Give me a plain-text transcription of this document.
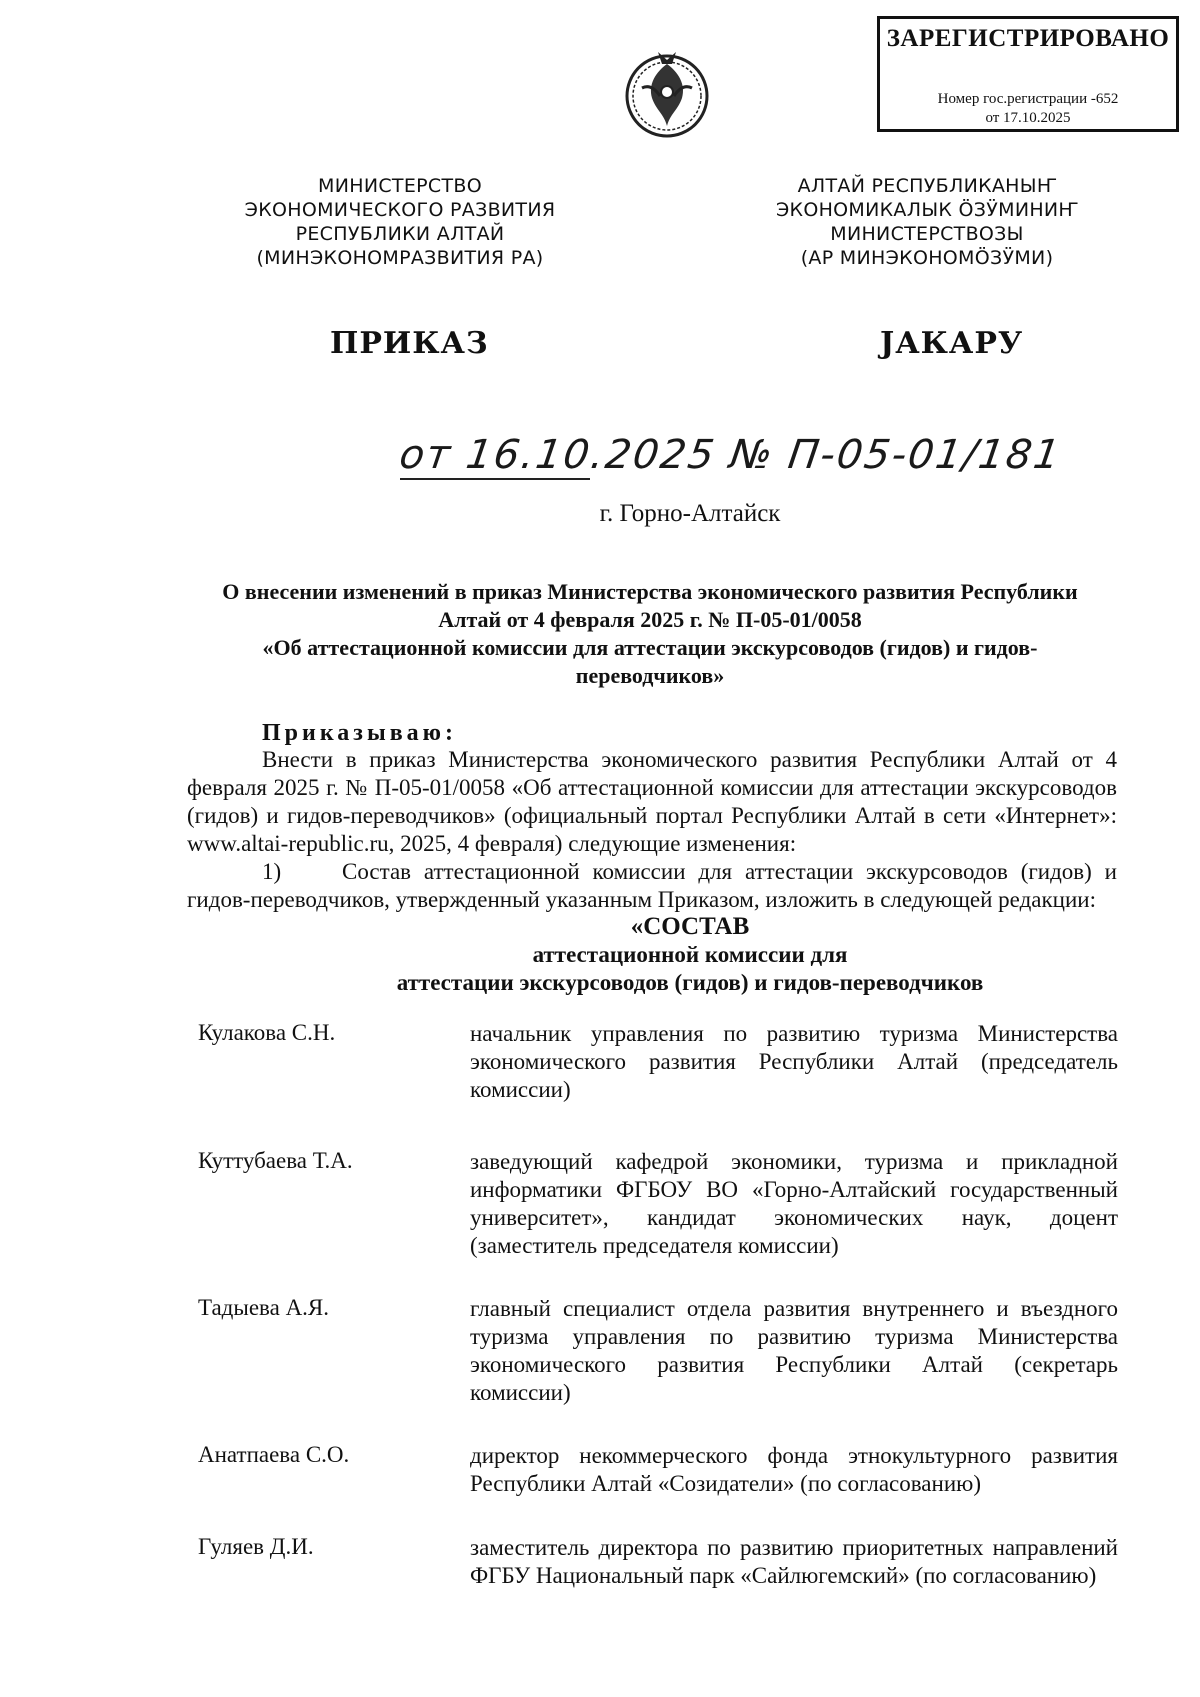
ЗАРЕГИСТРИРОВАНО
Номер гос.регистрации -652
от 17.10.2025
МИНИСТЕРСТВО
ЭКОНОМИЧЕСКОГО РАЗВИТИЯ
РЕСПУБЛИКИ АЛТАЙ
(МИНЭКОНОМРАЗВИТИЯ РА)
АЛТАЙ РЕСПУБЛИКАНЫҤ
ЭКОНОМИКАЛЫК ӦЗӰМИНИҤ
МИНИСТЕРСТВОЗЫ
(АР МИНЭКОНОМӦЗӰМИ)
ПРИКАЗ	ЈАКАРУ
от 16.10.2025 № П-05-01/181
г. Горно-Алтайск
О внесении изменений в приказ Министерства экономического развития Республики
Алтай от 4 февраля 2025 г. № П-05-01/0058
«Об аттестационной комиссии для аттестации экскурсоводов (гидов) и гидов-
переводчиков»
Приказываю:

Внести в приказ Министерства экономического развития Республики Алтай от 4 февраля 2025 г. № П-05-01/0058 «Об аттестационной комиссии для аттестации экскурсоводов (гидов) и гидов-переводчиков» (официальный портал Республики Алтай в сети «Интернет»: www.altai-republic.ru, 2025, 4 февраля) следующие изменения:

1)	Состав аттестационной комиссии для аттестации экскурсоводов (гидов) и гидов-переводчиков, утвержденный указанным Приказом, изложить в следующей редакции:

«СОСТАВ
аттестационной комиссии для
аттестации экскурсоводов (гидов) и гидов-переводчиков
Кулакова С.Н.	начальник управления по развитию туризма Министерства экономического развития Республики Алтай (председатель комиссии)
Куттубаева Т.А.	заведующий кафедрой экономики, туризма и прикладной информатики ФГБОУ ВО «Горно-Алтайский государственный университет», кандидат экономических наук, доцент (заместитель председателя комиссии)
Тадыева А.Я.	главный специалист отдела развития внутреннего и въездного туризма управления по развитию туризма Министерства экономического развития Республики Алтай (секретарь комиссии)
Анатпаева С.О.	директор некоммерческого фонда этнокультурного развития Республики Алтай «Созидатели» (по согласованию)
Гуляев Д.И.	заместитель директора по развитию приоритетных направлений ФГБУ Национальный парк «Сайлюгемский» (по согласованию)
